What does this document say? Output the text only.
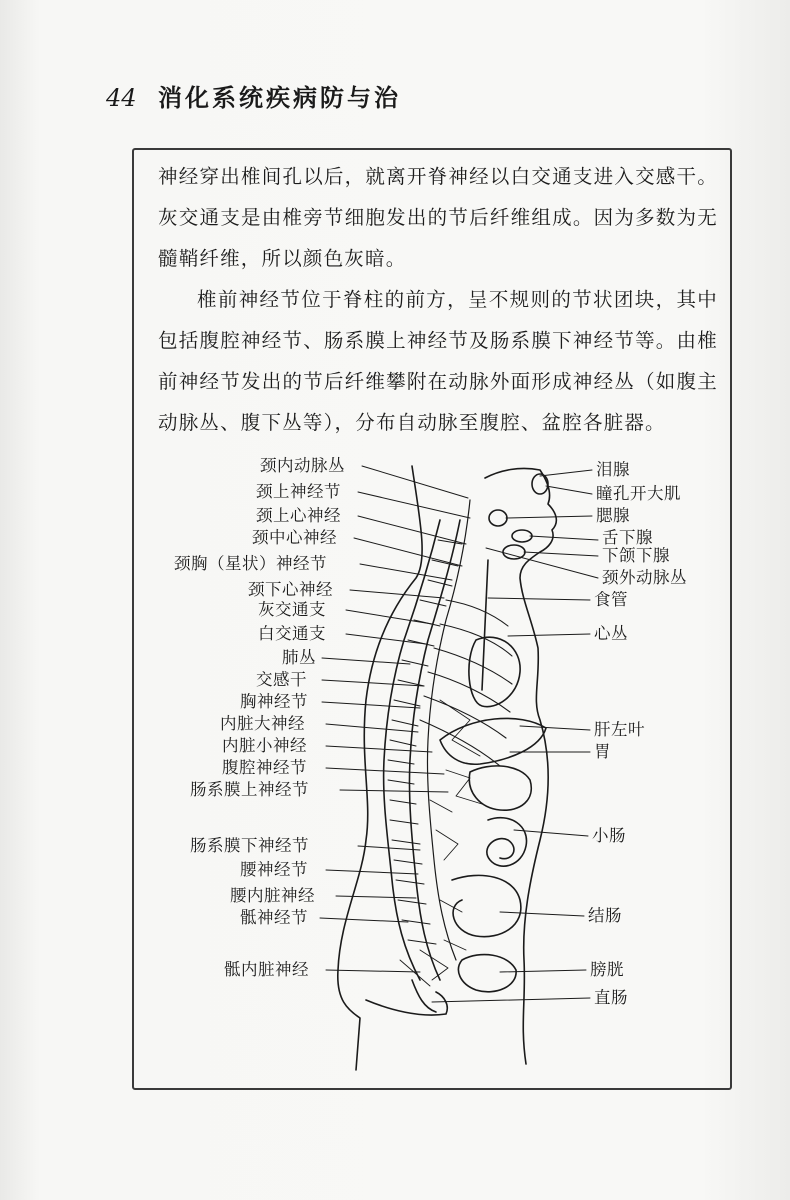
44 消化系统疾病防与治

神经穿出椎间孔以后，就离开脊神经以白交通支进入交感干。灰交通支是由椎旁节细胞发出的节后纤维组成。因为多数为无髓鞘纤维，所以颜色灰暗。

椎前神经节位于脊柱的前方，呈不规则的节状团块，其中包括腹腔神经节、肠系膜上神经节及肠系膜下神经节等。由椎前神经节发出的节后纤维攀附在动脉外面形成神经丛（如腹主动脉丛、腹下丛等），分布自动脉至腹腔、盆腔各脏器。

颈内动脉丛
颈上神经节
颈上心神经
颈中心神经
颈胸（星状）神经节
颈下心神经
灰交通支
白交通支
肺丛
交感干
胸神经节
内脏大神经
内脏小神经
腹腔神经节
肠系膜上神经节
肠系膜下神经节
腰神经节
腰内脏神经
骶神经节
骶内脏神经
泪腺
瞳孔开大肌
腮腺
舌下腺
下颌下腺
颈外动脉丛
食管
心丛
肝左叶
胃
小肠
结肠
膀胱
直肠
